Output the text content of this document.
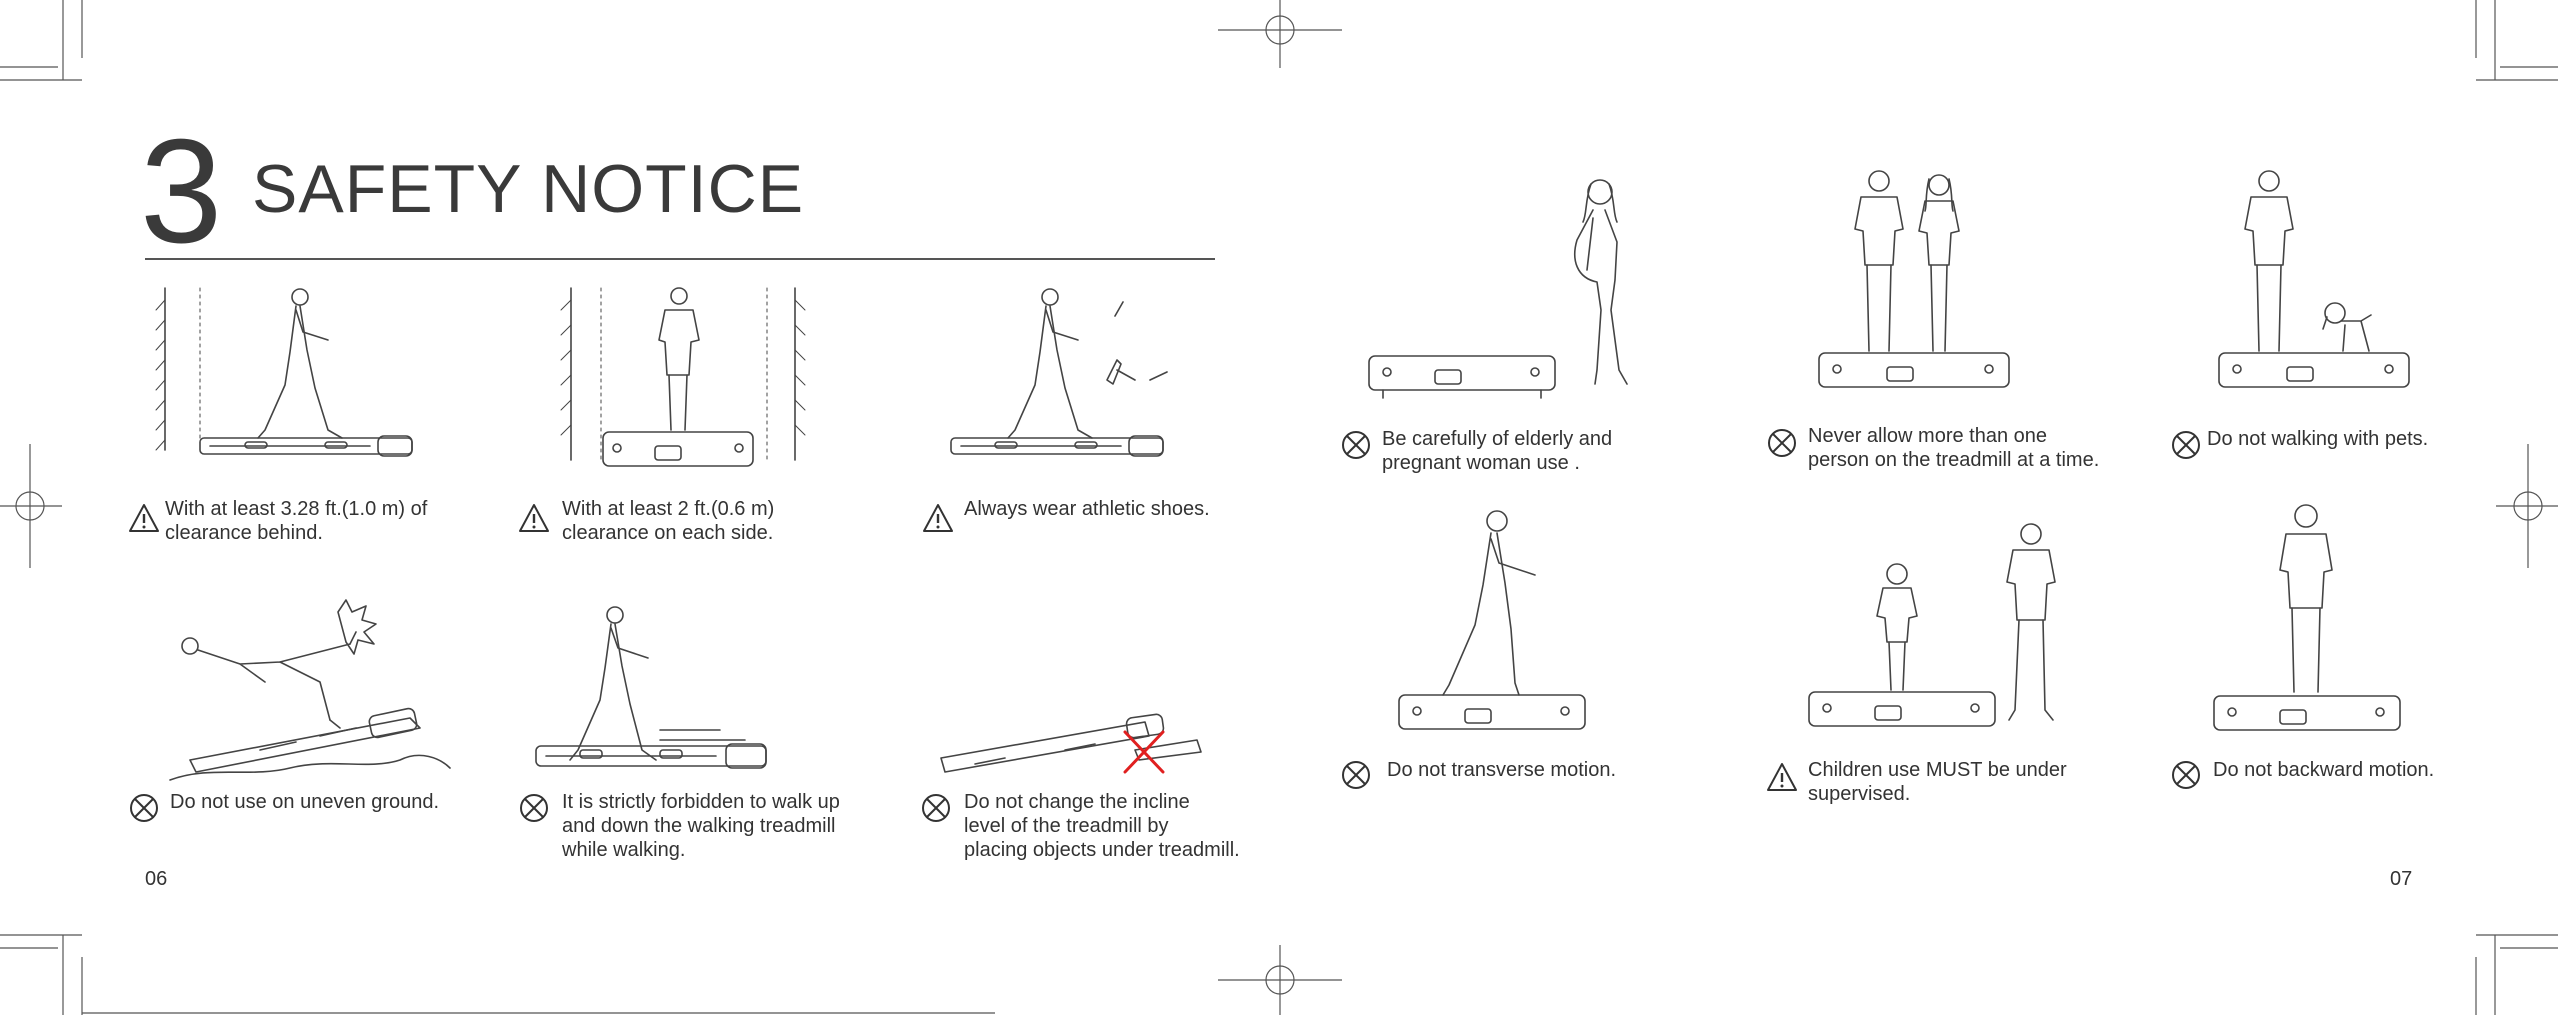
3 SAFETY NOTICE
With at least 3.28 ft.(1.0 m) of
clearance behind.
With at least 2 ft.(0.6 m)
clearance on each side.
Always wear athletic shoes.
Do not use on uneven ground.	It is strictly forbidden to walk up
and down the walking treadmill
while walking.
Do not change the incline
level of the treadmill by
placing objects under treadmill.
Be carefully of elderly and
pregnant woman use .
Never allow more than one
person on the treadmill at a time.
Do not walking with pets.
Do not transverse motion.	Children use MUST be under
supervised.
Do not backward motion.
06	07
